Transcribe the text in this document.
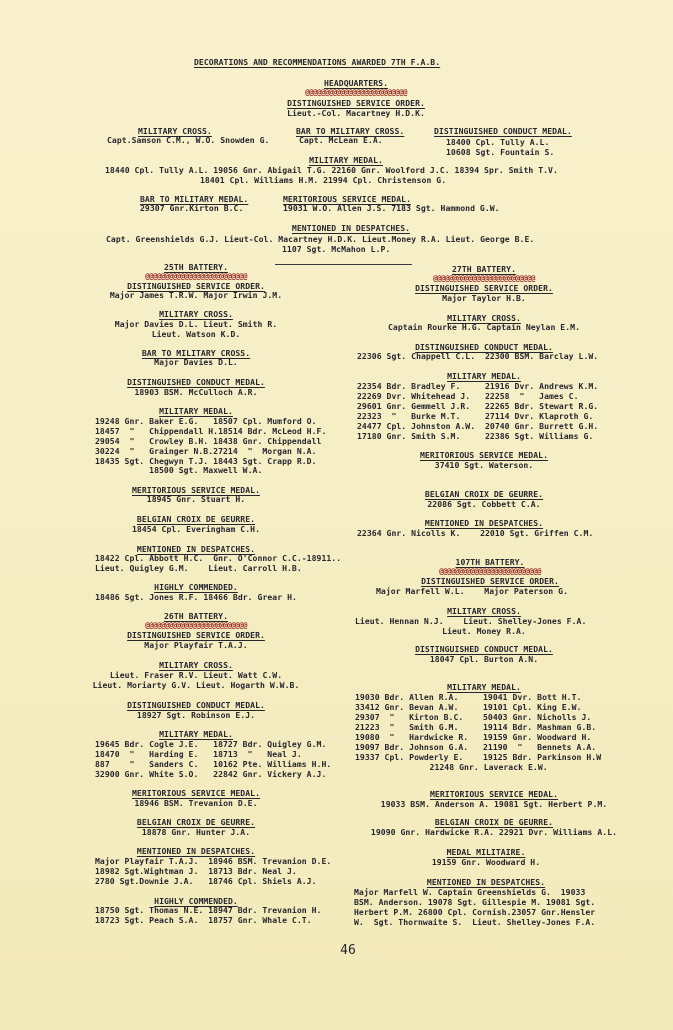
DECORATIONS AND RECOMMENDATIONS AWARDED 7TH F.A.B.
HEADQUARTERS.
@@@@@@@@@@@@@@@@@@@@@@@@@@
DISTINGUISHED SERVICE ORDER.
Lieut.-Col. Macartney H.D.K.
MILITARY CROSS.
Capt.Samson C.M., W.O. Snowden G.
BAR TO MILITARY CROSS.
Capt. McLean E.A.
DISTINGUISHED CONDUCT MEDAL.
18400 Cpl. Tully A.L.
10608 Sgt. Fountain S.
MILITARY MEDAL.
18440 Cpl. Tully A.L. 19056 Gnr. Abigail T.G. 22160 Gnr. Woolford J.C. 18394 Spr. Smith T.V.
18401 Cpl. Williams H.M. 21994 Cpl. Christenson G.
BAR TO MILITARY MEDAL.
29307 Gnr.Kirton B.C.
MERITORIOUS SERVICE MEDAL.
19031 W.O. Allen J.S. 7183 Sgt. Hammond G.W.
MENTIONED IN DESPATCHES.
Capt. Greenshields G.J. Lieut-Col. Macartney H.D.K. Lieut.Money R.A. Lieut. George B.E.
1107 Sgt. McMahon L.P.
25TH BATTERY.
@@@@@@@@@@@@@@@@@@@@@@@@@@
DISTINGUISHED SERVICE ORDER.
Major James T.R.W. Major Irwin J.M.
MILITARY CROSS.
Major Davies D.L. Lieut. Smith R.
Lieut. Watson K.D.
BAR TO MILITARY CROSS.
Major Davies D.L.
DISTINGUISHED CONDUCT MEDAL.
18903 BSM. McCulloch A.R.
MILITARY MEDAL.
19248 Gnr. Baker E.G.   18507 Cpl. Mumford O.
18457  "   Chippendall H.18514 Bdr. McLeod H.F.
29054  "   Crowley B.H. 18438 Gnr. Chippendall
30224  "   Grainger N.B.27214  "  Morgan N.A.
18435 Sgt. Chegwyn T.J. 18443 Sgt. Crapp R.D.
18500 Sgt. Maxwell W.A.
MERITORIOUS SERVICE MEDAL.
18945 Gnr. Stuart H.
BELGIAN CROIX DE GEURRE.
18454 Cpl. Everingham C.H.
MENTIONED IN DESPATCHES.
18422 Cpl. Abbott H.C.  Gnr. O'Connor C.C.-18911..
Lieut. Quigley G.M.    Lieut. Carroll H.B.
HIGHLY COMMENDED.
18486 Sgt. Jones R.F. 18466 Bdr. Grear H.
26TH BATTERY.
@@@@@@@@@@@@@@@@@@@@@@@@@@
DISTINGUISHED SERVICE ORDER.
Major Playfair T.A.J.
MILITARY CROSS.
Lieut. Fraser R.V. Lieut. Watt C.W.
Lieut. Moriarty G.V. Lieut. Hogarth W.W.B.
DISTINGUISHED CONDUCT MEDAL.
18927 Sgt. Robinson E.J.
MILITARY MEDAL.
19645 Bdr. Cogle J.E.   18727 Bdr. Quigley G.M.
18470  "   Harding E.   18713  "   Neal J.
887    "   Sanders C.   10162 Pte. Williams H.H.
32900 Gnr. White S.O.   22842 Gnr. Vickery A.J.
MERITORIOUS SERVICE MEDAL.
18946 BSM. Trevanion D.E.
BELGIAN CROIX DE GEURRE.
18878 Gnr. Hunter J.A.
MENTIONED IN DESPATCHES.
Major Playfair T.A.J.  18946 BSM. Trevanion D.E.
18982 Sgt.Wightman J.  18713 Bdr. Neal J.
2780 Sgt.Downie J.A.   18746 Cpl. Shiels A.J.
HIGHLY COMMENDED.
18750 Sgt. Thomas N.E. 18947 Bdr. Trevanion H.
18723 Sgt. Peach S.A.  18757 Gnr. Whale C.T.
27TH BATTERY.
@@@@@@@@@@@@@@@@@@@@@@@@@@
DISTINGUISHED SERVICE ORDER.
Major Taylor H.B.
MILITARY CROSS.
Captain Rourke H.G. Captain Neylan E.M.
DISTINGUISHED CONDUCT MEDAL.
22306 Sgt. Chappell C.L.  22300 BSM. Barclay L.W.
MILITARY MEDAL.
22354 Bdr. Bradley F.     21916 Dvr. Andrews K.M.
22269 Dvr. Whitehead J.   22258  "   James C.
29601 Gnr. Gemmell J.R.   22265 Bdr. Stewart R.G.
22323  "   Burke M.T.     27114 Dvr. Klaproth G.
24477 Cpl. Johnston A.W.  20740 Gnr. Burrett G.H.
17180 Gnr. Smith S.M.     22386 Sgt. Williams G.
MERITORIOUS SERVICE MEDAL.
37410 Sgt. Waterson.
BELGIAN CROIX DE GEURRE.
22086 Sgt. Cobbett C.A.
MENTIONED IN DESPATCHES.
22364 Gnr. Nicolls K.    22010 Sgt. Griffen C.M.
107TH BATTERY.
@@@@@@@@@@@@@@@@@@@@@@@@@@
DISTINGUISHED SERVICE ORDER.
Major Marfell W.L.    Major Paterson G.
MILITARY CROSS.
Lieut. Hennan N.J.    Lieut. Shelley-Jones F.A.
Lieut. Money R.A.
DISTINGUISHED CONDUCT MEDAL.
18047 Cpl. Burton A.N.
MILITARY MEDAL.
19030 Bdr. Allen R.A.     19041 Dvr. Bott H.T.
33412 Gnr. Bevan A.W.     19101 Cpl. King E.W.
29307  "   Kirton B.C.    50403 Gnr. Nicholls J.
21223  "   Smith G.M.     19114 Bdr. Mashman G.B.
19080  "   Hardwicke R.   19159 Gnr. Woodward H.
19097 Bdr. Johnson G.A.   21190  "   Bennets A.A.
19337 Cpl. Powderly E.    19125 Bdr. Parkinson H.W
21248 Gnr. Laverack E.W.
MERITORIOUS SERVICE MEDAL.
19033 BSM. Anderson A. 19081 Sgt. Herbert P.M.
BELGIAN CROIX DE GEURRE.
19090 Gnr. Hardwicke R.A. 22921 Dvr. Williams A.L.
MEDAL MILITAIRE.
19159 Gnr. Woodward H.
MENTIONED IN DESPATCHES.
Major Marfell W. Captain Greenshields G.  19033
BSM. Anderson. 19078 Sgt. Gillespie M. 19081 Sgt.
Herbert P.M. 26800 Cpl. Cornish.23057 Gnr.Hensler
W.  Sgt. Thornwaite S.  Lieut. Shelley-Jones F.A.
46
